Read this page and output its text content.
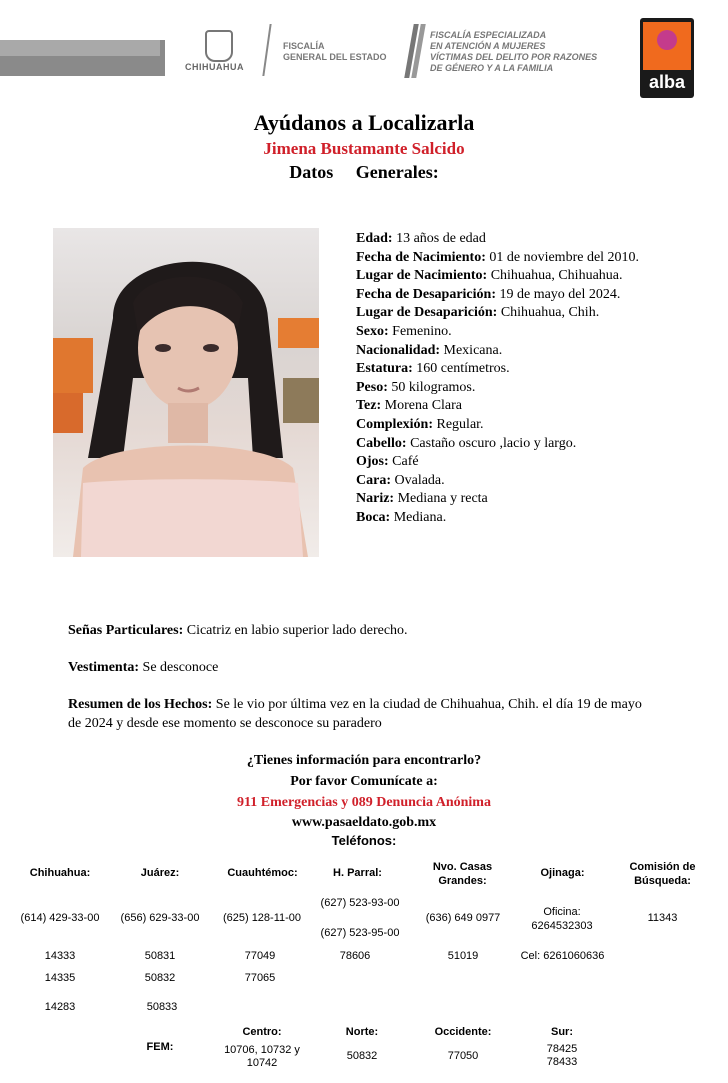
CHIHUAHUA
FISCALÍA
GENERAL DEL ESTADO
FISCALÍA ESPECIALIZADA
EN ATENCIÓN A MUJERES
VÍCTIMAS DEL DELITO POR RAZONES
DE GÉNERO Y A LA FAMILIA
alba
Ayúdanos a Localizarla
Jimena Bustamante Salcido
Datos Generales:
Edad: 13 años de edad
Fecha de Nacimiento: 01 de noviembre del 2010.
Lugar de Nacimiento: Chihuahua, Chihuahua.
Fecha de Desaparición: 19 de mayo del 2024.
Lugar de Desaparición: Chihuahua, Chih.
Sexo: Femenino.
Nacionalidad: Mexicana.
Estatura: 160 centímetros.
Peso: 50 kilogramos.
Tez: Morena Clara
Complexión: Regular.
Cabello: Castaño oscuro ,lacio y largo.
Ojos: Café
Cara: Ovalada.
Nariz: Mediana y recta
Boca: Mediana.
Señas Particulares: Cicatriz en labio superior lado derecho.
Vestimenta: Se desconoce
Resumen de los Hechos: Se le vio por última vez en la ciudad de Chihuahua, Chih. el día 19 de mayo de 2024 y desde ese momento se desconoce su paradero
¿Tienes información para encontrarlo?
Por favor Comunícate a:
911 Emergencias y 089 Denuncia Anónima
www.pasaeldato.gob.mx
Teléfonos:
Chihuahua:
(614) 429-33-00
14333
14335
14283
Juárez:
(656) 629-33-00
50831
50832
50833
Cuauhtémoc:
(625) 128-11-00
77049
77065
H. Parral:
(627) 523-93-00
(627) 523-95-00
78606
Nvo. Casas
Grandes:
(636) 649 0977
51019
Ojinaga:
Oficina:
6264532303
Cel: 6261060636
Comisión de
Búsqueda:
11343
FEM:
Centro:
10706, 10732 y
10742
Norte:
50832
Occidente:
77050
Sur:
78425
78433
